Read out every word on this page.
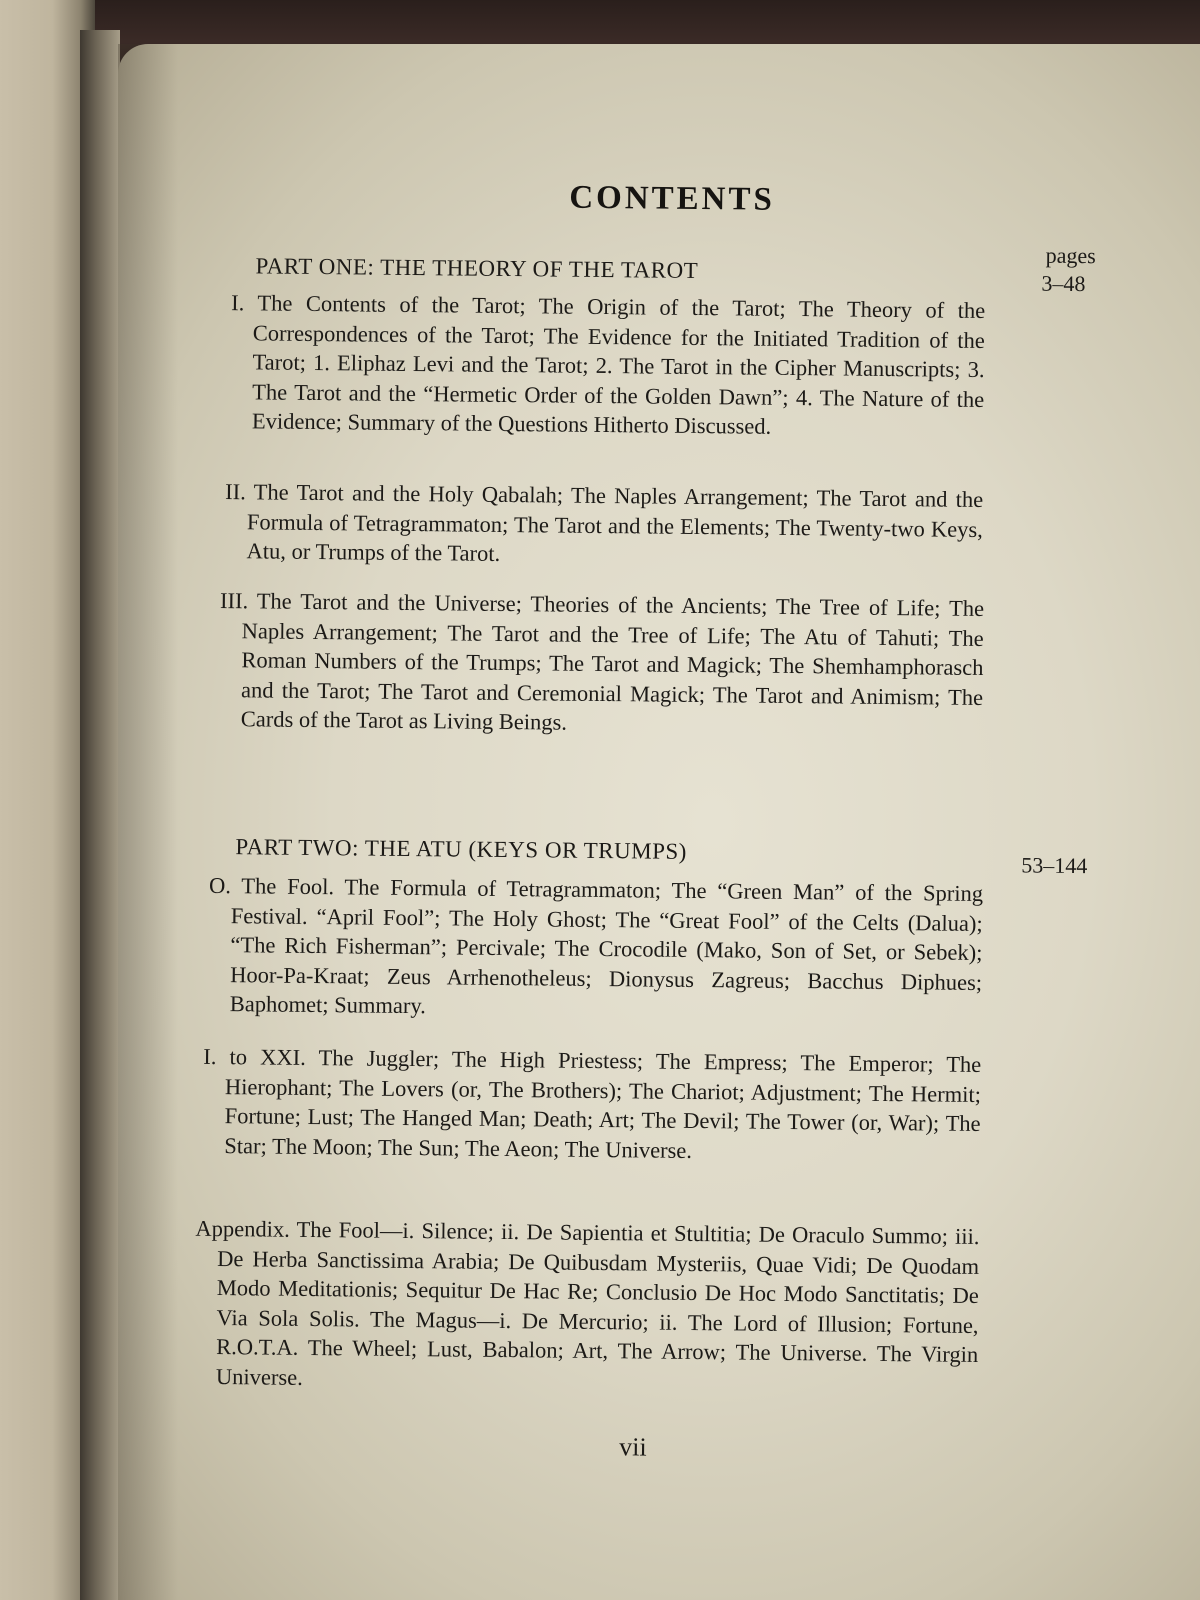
CONTENTS
pages
PART ONE: THE THEORY OF THE TAROT
3–48
I. The Contents of the Tarot; The Origin of the Tarot; The Theory of the Correspondences of the Tarot; The Evidence for the Initiated Tradition of the Tarot; 1. Eliphaz Levi and the Tarot; 2. The Tarot in the Cipher Manuscripts; 3. The Tarot and the “Hermetic Order of the Golden Dawn”; 4. The Nature of the Evidence; Summary of the Questions Hitherto Discussed.
II. The Tarot and the Holy Qabalah; The Naples Arrangement; The Tarot and the Formula of Tetragrammaton; The Tarot and the Elements; The Twenty-two Keys, Atu, or Trumps of the Tarot.
III. The Tarot and the Universe; Theories of the Ancients; The Tree of Life; The Naples Arrangement; The Tarot and the Tree of Life; The Atu of Tahuti; The Roman Numbers of the Trumps; The Tarot and Magick; The Shemhamphorasch and the Tarot; The Tarot and Ceremonial Magick; The Tarot and Animism; The Cards of the Tarot as Living Beings.
PART TWO: THE ATU (KEYS OR TRUMPS)
53–144
O. The Fool. The Formula of Tetragrammaton; The “Green Man” of the Spring Festival. “April Fool”; The Holy Ghost; The “Great Fool” of the Celts (Dalua); “The Rich Fisherman”; Percivale; The Crocodile (Mako, Son of Set, or Sebek); Hoor-Pa-Kraat; Zeus Arrhenotheleus; Dionysus Zagreus; Bacchus Diphues; Baphomet; Summary.
I. to XXI. The Juggler; The High Priestess; The Empress; The Emperor; The Hierophant; The Lovers (or, The Brothers); The Chariot; Adjustment; The Hermit; Fortune; Lust; The Hanged Man; Death; Art; The Devil; The Tower (or, War); The Star; The Moon; The Sun; The Aeon; The Universe.
Appendix. The Fool—i. Silence; ii. De Sapientia et Stultitia; De Oraculo Summo; iii. De Herba Sanctissima Arabia; De Quibusdam Mysteriis, Quae Vidi; De Quodam Modo Meditationis; Sequitur De Hac Re; Conclusio De Hoc Modo Sanctitatis; De Via Sola Solis. The Magus—i. De Mercurio; ii. The Lord of Illusion; Fortune, R.O.T.A. The Wheel; Lust, Babalon; Art, The Arrow; The Universe. The Virgin Universe.
vii
